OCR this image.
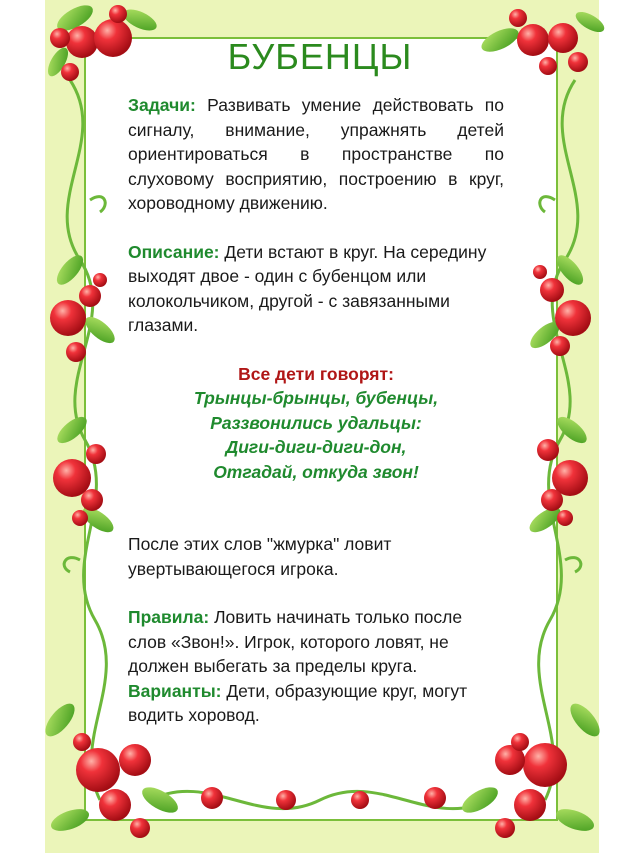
БУБЕНЦЫ

Задачи: Развивать умение действовать по сигналу, внимание, упражнять детей ориентироваться в пространстве по слуховому восприятию, построению в круг, хороводному движению.

Описание: Дети встают в круг. На середину выходят двое - один с бубенцом или колокольчиком, другой - с завязанными глазами.

Все дети говорят:

Трынцы-брынцы, бубенцы,

Раззвонились удальцы:

Диги-диги-диги-дон,

Отгадай, откуда звон!

После этих слов "жмурка" ловит увертывающегося игрока.

Правила: Ловить начинать только после слов «Звон!». Игрок, которого ловят, не должен выбегать за пределы круга.

Варианты: Дети, образующие круг, могут водить хоровод.
